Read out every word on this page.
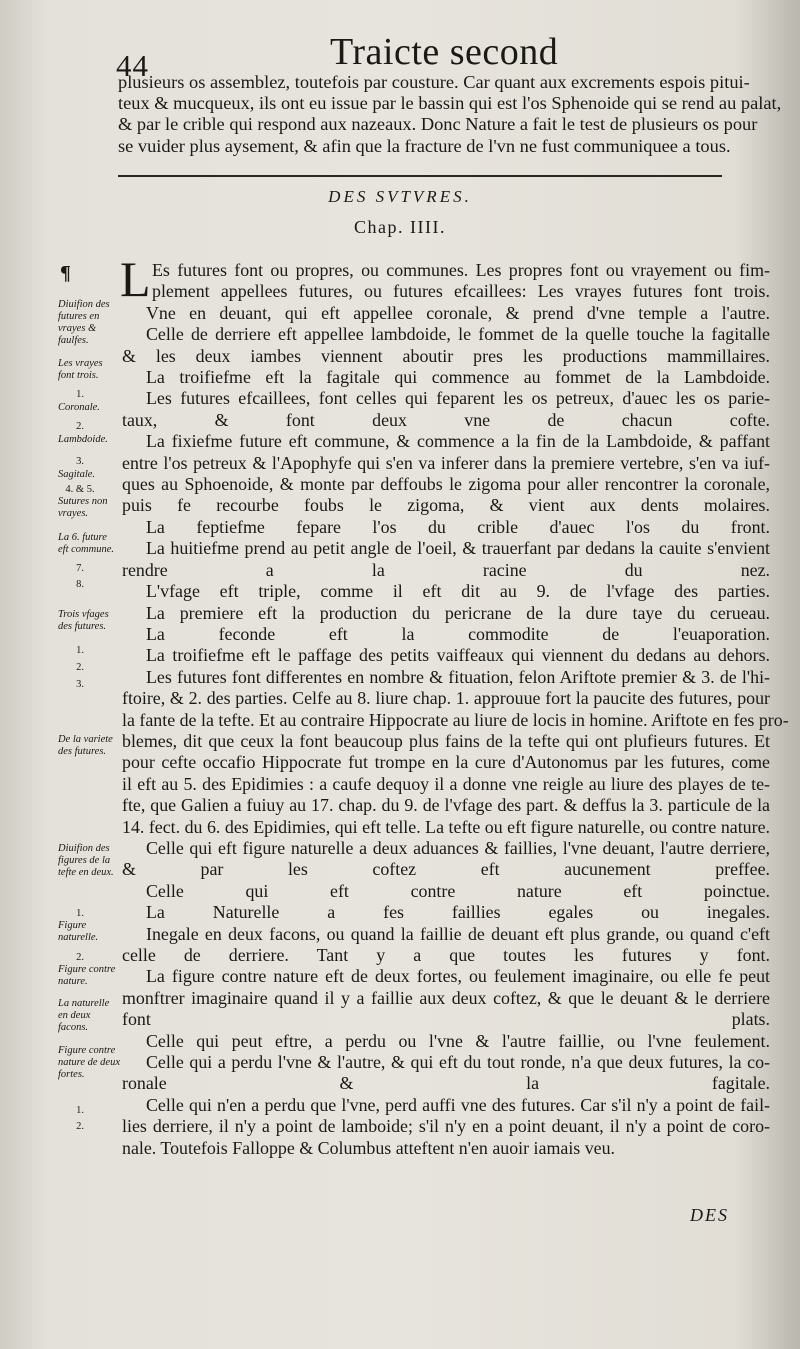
44	Traicte second
plusieurs os assemblez, toutefois par cousture. Car quant aux excrements espois pitui-
teux & mucqueux, ils ont eu issue par le bassin qui est l'os Sphenoide qui se rend au palat,
& par le crible qui respond aux nazeaux. Donc Nature a fait le test de plusieurs os pour
se vuider plus aysement, & afin que la fracture de l'vn ne fust communiquee a tous.
DES SVTVRES.
Chap. IIII.
¶ L

Diuifion des futures en vrayes & faulfes.

Les vrayes font trois.

1.

Coronale.

2.

Lambdoide.

3.

Sagitale.

4. & 5.

Sutures non vrayes.

La 6. future eft commune.

7.

8.

Trois vfages des futures.

1.

2.

3.

De la variete des futures.

Diuifion des figures de la tefte en deux.

1.

Figure naturelle.

2.

Figure contre nature.

La naturelle en deux facons.

Figure contre nature de deux fortes.

1.

2.

Es futures font ou propres, ou communes. Les propres font ou vrayement ou fim-
plement appellees futures, ou futures efcaillees: Les vrayes futures font trois.
Vne en deuant, qui eft appellee coronale, & prend d'vne temple a l'autre.
Celle de derriere eft appellee lambdoide, le fommet de la quelle touche la fagitalle
& les deux iambes viennent aboutir pres les productions mammillaires.
La troifiefme eft la fagitale qui commence au fommet de la Lambdoide.
Les futures efcaillees, font celles qui feparent les os petreux, d'auec les os parie-
taux, & font deux vne de chacun cofte.
La fixiefme future eft commune, & commence a la fin de la Lambdoide, & paffant
entre l'os petreux & l'Apophyfe qui s'en va inferer dans la premiere vertebre, s'en va iuf-
ques au Sphoenoide, & monte par deffoubs le zigoma pour aller rencontrer la coronale,
puis fe recourbe foubs le zigoma, & vient aux dents molaires.
La feptiefme fepare l'os du crible d'auec l'os du front.
La huitiefme prend au petit angle de l'oeil, & trauerfant par dedans la cauite s'envient
rendre a la racine du nez.
L'vfage eft triple, comme il eft dit au 9. de l'vfage des parties.
La premiere eft la production du pericrane de la dure taye du cerueau.
La feconde eft la commodite de l'euaporation.
La troifiefme eft le paffage des petits vaiffeaux qui viennent du dedans au dehors.
Les futures font differentes en nombre & fituation, felon Ariftote premier & 3. de l'hi-
ftoire, & 2. des parties. Celfe au 8. liure chap. 1. approuue fort la paucite des futures, pour
la fante de la tefte. Et au contraire Hippocrate au liure de locis in homine. Ariftote en fes pro-
blemes, dit que ceux la font beaucoup plus fains de la tefte qui ont plufieurs futures. Et
pour cefte occafio Hippocrate fut trompe en la cure d'Autonomus par les futures, come
il eft au 5. des Epidimies : a caufe dequoy il a donne vne reigle au liure des playes de te-
fte, que Galien a fuiuy au 17. chap. du 9. de l'vfage des part. & deffus la 3. particule de la
14. fect. du 6. des Epidimies, qui eft telle. La tefte ou eft figure naturelle, ou contre nature.
Celle qui eft figure naturelle a deux aduances & faillies, l'vne deuant, l'autre derriere,
& par les coftez eft aucunement preffee.
Celle qui eft contre nature eft poinctue.
La Naturelle a fes faillies egales ou inegales.
Inegale en deux facons, ou quand la faillie de deuant eft plus grande, ou quand c'eft
celle de derriere. Tant y a que toutes les futures y font.
La figure contre nature eft de deux fortes, ou feulement imaginaire, ou elle fe peut
monftrer imaginaire quand il y a faillie aux deux coftez, & que le deuant & le derriere
font plats.
Celle qui peut eftre, a perdu ou l'vne & l'autre faillie, ou l'vne feulement.
Celle qui a perdu l'vne & l'autre, & qui eft du tout ronde, n'a que deux futures, la co-
ronale & la fagitale.
Celle qui n'en a perdu que l'vne, perd auffi vne des futures. Car s'il n'y a point de fail-
lies derriere, il n'y a point de lamboide; s'il n'y en a point deuant, il n'y a point de coro-
nale. Toutefois Falloppe & Columbus atteftent n'en auoir iamais veu.
DES
